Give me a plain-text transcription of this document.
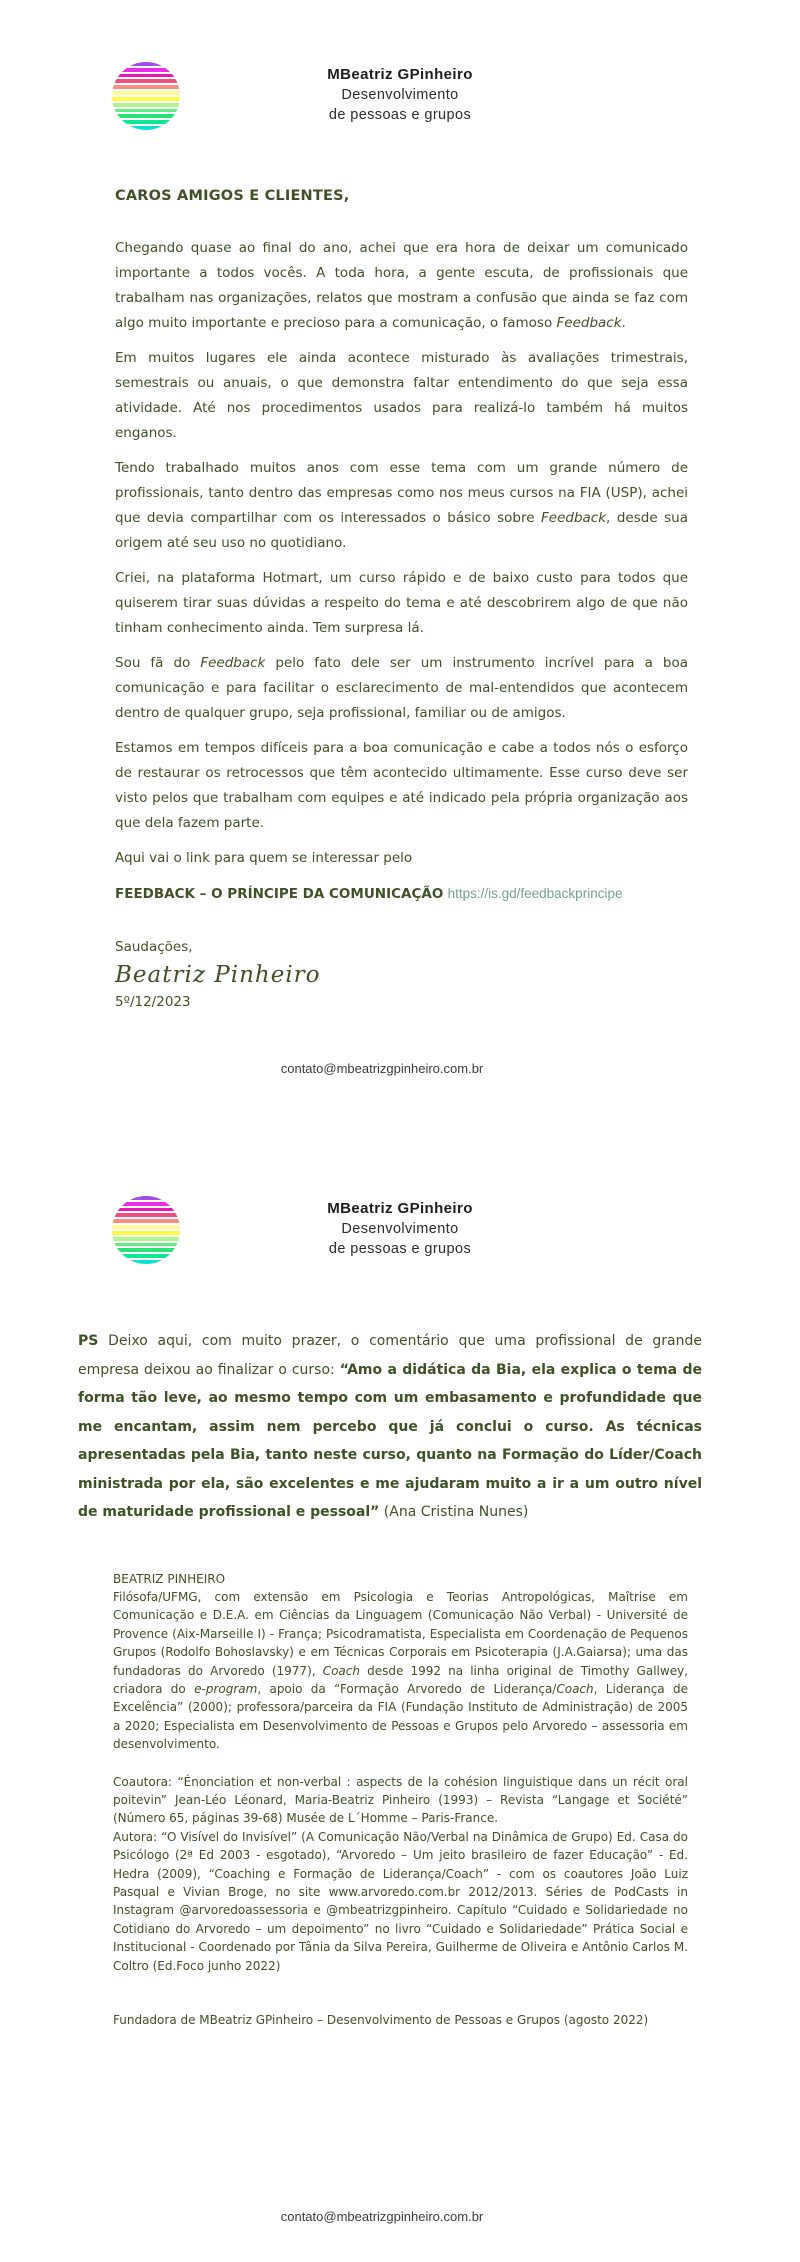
MBeatriz GPinheiro
Desenvolvimento
de pessoas e grupos
CAROS AMIGOS E CLIENTES,

Chegando quase ao final do ano, achei que era hora de deixar um comunicado importante a todos vocês. A toda hora, a gente escuta, de profissionais que trabalham nas organizações, relatos que mostram a confusão que ainda se faz com algo muito importante e precioso para a comunicação, o famoso Feedback.

Em muitos lugares ele ainda acontece misturado às avaliações trimestrais, semestrais ou anuais, o que demonstra faltar entendimento do que seja essa atividade. Até nos procedimentos usados para realizá-lo também há muitos enganos.

Tendo trabalhado muitos anos com esse tema com um grande número de profissionais, tanto dentro das empresas como nos meus cursos na FIA (USP), achei que devia compartilhar com os interessados o básico sobre Feedback, desde sua origem até seu uso no quotidiano.

Criei, na plataforma Hotmart, um curso rápido e de baixo custo para todos que quiserem tirar suas dúvidas a respeito do tema e até descobrirem algo de que não tinham conhecimento ainda. Tem surpresa lá.

Sou fã do Feedback pelo fato dele ser um instrumento incrível para a boa comunicação e para facilitar o esclarecimento de mal-entendidos que acontecem dentro de qualquer grupo, seja profissional, familiar ou de amigos.

Estamos em tempos difíceis para a boa comunicação e cabe a todos nós o esforço de restaurar os retrocessos que têm acontecido ultimamente. Esse curso deve ser visto pelos que trabalham com equipes e até indicado pela própria organização aos que dela fazem parte.

Aqui vai o link para quem se interessar pelo

FEEDBACK – O PRÍNCIPE DA COMUNICAÇÃO https://is.gd/feedbackprincipe

Saudações,

Beatriz Pinheiro

5º/12/2023

contato@mbeatrizgpinheiro.com.br
MBeatriz GPinheiro
Desenvolvimento
de pessoas e grupos

PS Deixo aqui, com muito prazer, o comentário que uma profissional de grande empresa deixou ao finalizar o curso: “Amo a didática da Bia, ela explica o tema de forma tão leve, ao mesmo tempo com um embasamento e profundidade que me encantam, assim nem percebo que já conclui o curso. As técnicas apresentadas pela Bia, tanto neste curso, quanto na Formação do Líder/Coach ministrada por ela, são excelentes e me ajudaram muito a ir a um outro nível de maturidade profissional e pessoal” (Ana Cristina Nunes)

BEATRIZ PINHEIRO

Filósofa/UFMG, com extensão em Psicologia e Teorias Antropológicas, Maîtrise em Comunicação e D.E.A. em Ciências da Linguagem (Comunicação Não Verbal) - Université de Provence (Aix-Marseille I) - França; Psicodramatista, Especialista em Coordenação de Pequenos Grupos (Rodolfo Bohoslavsky) e em Técnicas Corporais em Psicoterapia (J.A.Gaiarsa); uma das fundadoras do Arvoredo (1977), Coach desde 1992 na linha original de Timothy Gallwey, criadora do e-program, apoio da “Formação Arvoredo de Liderança/Coach, Liderança de Excelência” (2000); professora/parceira da FIA (Fundação Instituto de Administração) de 2005 a 2020; Especialista em Desenvolvimento de Pessoas e Grupos pelo Arvoredo – assessoria em desenvolvimento.

Coautora: “Énonciation et non-verbal : aspects de la cohésion linguistique dans un récit oral poitevin” Jean-Léo Léonard, Maria-Beatriz Pinheiro (1993) – Revista “Langage et Société” (Número 65, páginas 39-68) Musée de L´Homme – Paris-France.

Autora: “O Visível do Invisível” (A Comunicação Não/Verbal na Dinâmica de Grupo) Ed. Casa do Psicólogo (2ª Ed 2003 - esgotado), “Arvoredo – Um jeito brasileiro de fazer Educação” - Ed. Hedra (2009), “Coaching e Formação de Liderança/Coach” - com os coautores João Luiz Pasqual e Vivian Broge, no site www.arvoredo.com.br 2012/2013. Séries de PodCasts in Instagram @arvoredoassessoria e @mbeatrizgpinheiro. Capítulo “Cuidado e Solidariedade no Cotidiano do Arvoredo – um depoimento” no livro “Cuidado e Solidariedade” Prática Social e Institucional - Coordenado por Tânia da Silva Pereira, Guilherme de Oliveira e Antônio Carlos M. Coltro (Ed.Foco junho 2022)

Fundadora de MBeatriz GPinheiro – Desenvolvimento de Pessoas e Grupos (agosto 2022)

contato@mbeatrizgpinheiro.com.br
